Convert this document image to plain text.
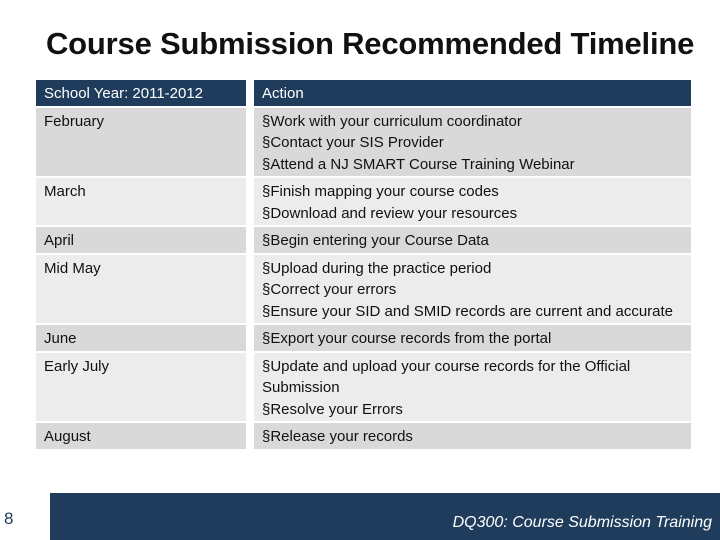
Course Submission Recommended Timeline
School Year: 2011-2012	Action
February	§Work with your curriculum coordinator
§Contact your SIS Provider
§Attend a NJ SMART Course Training Webinar

March	§Finish mapping your course codes
§Download and review your resources

April	§Begin entering your Course Data

Mid May	§Upload during the practice period
§Correct your errors
§Ensure your SID and SMID records are current and accurate

June	§Export your course records from the portal

Early July	§Update and upload your course records for the Official Submission
§Resolve your Errors

August	§Release your records
8	DQ300: Course Submission Training
